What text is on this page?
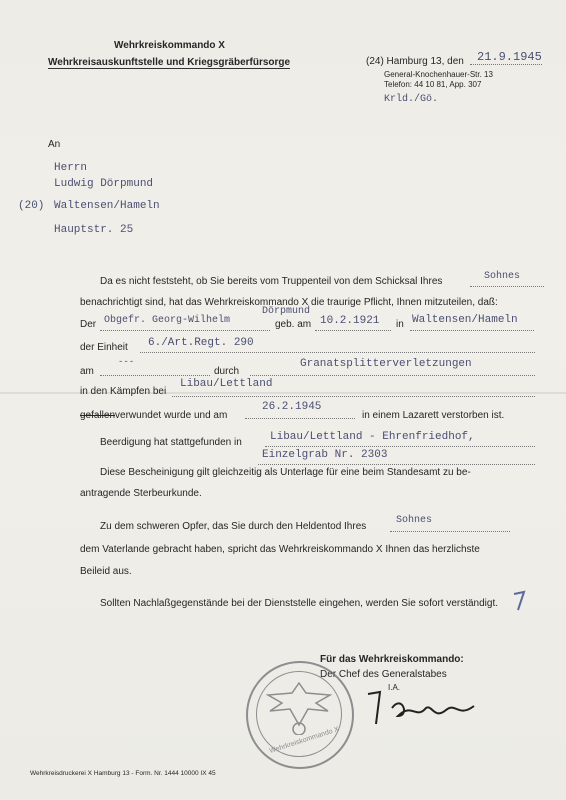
Wehrkreiskommando X
Wehrkreisauskunftstelle und Kriegsgräberfürsorge	(24) Hamburg 13, den 21.9.1945
General-Knochenhauer-Str. 13
Telefon: 44 10 81, App. 307
Krld./Gö.
An
Herrn
Ludwig Dörpmund
(20) Waltensen/Hameln
Hauptstr. 25
Da es nicht feststeht, ob Sie bereits vom Truppenteil von dem Schicksal Ihres	Sohnes
benachrichtigt sind, hat das Wehrkreiskommando X die traurige Pflicht, Ihnen mitzuteilen, daß:
Der Obgefr. Georg-Wilhelm
Dörpmund
geb. am 10.2.1921 in Waltensen/Hameln
der Einheit 6./Art.Regt. 290
am
---
durch
Granatsplitterverletzungen
in den Kämpfen bei
Libau/Lettland
gefallenverwundet wurde und am
26.2.1945
in einem Lazarett verstorben ist.
Beerdigung hat stattgefunden in	Libau/Lettland - Ehrenfriedhof,
Einzelgrab Nr. 2303
Diese Bescheinigung gilt gleichzeitig als Unterlage für eine beim Standesamt zu be-
antragende Sterbeurkunde.
Zu dem schweren Opfer, das Sie durch den Heldentod Ihres
Sohnes
dem Vaterlande gebracht haben, spricht das Wehrkreiskommando X Ihnen das herzlichste
Beileid aus.
Sollten Nachlaßgegenstände bei der Dienststelle eingehen, werden Sie sofort verständigt.
Für das Wehrkreiskommando:
Der Chef des Generalstabes
I.A.
Wehrkreiskommando X
Wehrkreisdruckerei X Hamburg 13 - Form. Nr. 1444 10000 IX 45
